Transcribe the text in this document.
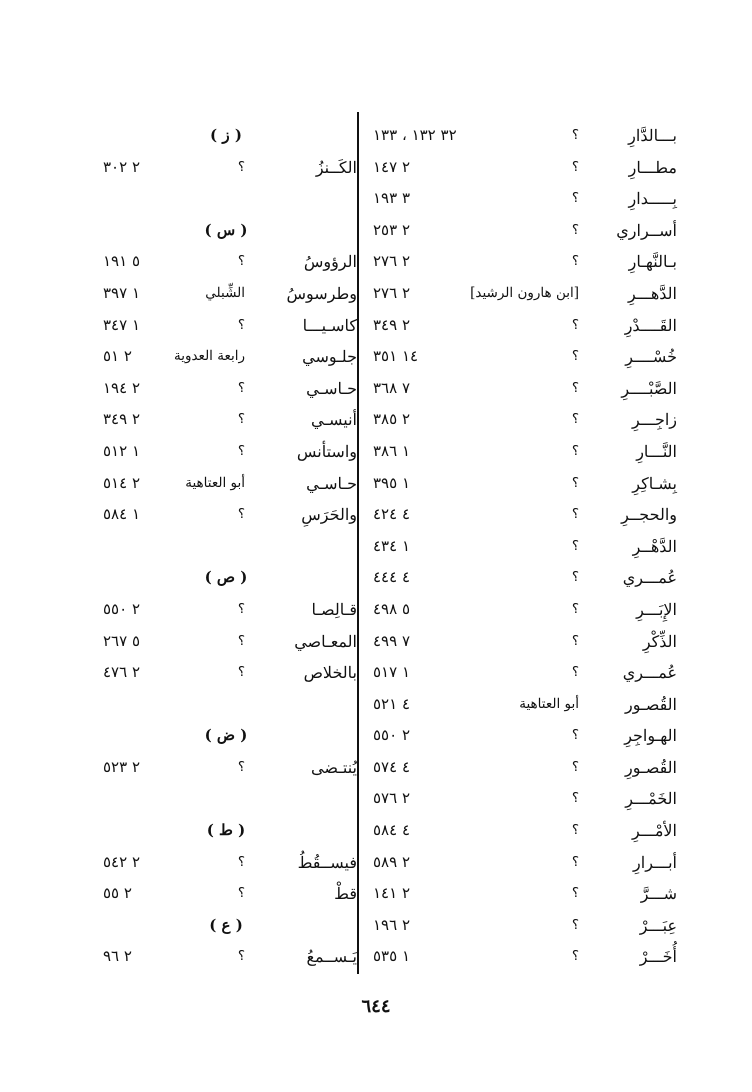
بـــالدَّارِ
؟
٣٢ ١٣٢ ، ١٣٣
مطـــارِ
؟
٢ ١٤٧
بِـــــدارِ
؟
٣ ١٩٣
أســراري
؟
٢ ٢٥٣
بـالنَّهـارِ
؟
٢ ٢٧٦
الدَّهـــرِ
[ابن هارون الرشيد]
٢ ٢٧٦
القَــــدْرِ
؟
٢ ٣٤٩
خُسْــــرِ
؟
١٤ ٣٥١
الصَّبْــــرِ
؟
٧ ٣٦٨
زاجِـــرِ
؟
٢ ٣٨٥
النَّـــارِ
؟
١ ٣٨٦
بِشـاكِرِ
؟
١ ٣٩٥
والحجــرِ
؟
٤ ٤٢٤
الدَّهْــرِ
؟
١ ٤٣٤
عُمـــري
؟
٤ ٤٤٤
الإِبَـــرِ
؟
٥ ٤٩٨
الذِّكْرِ
؟
٧ ٤٩٩
عُمـــري
؟
١ ٥١٧
القُصـور
أبو العتاهية
٤ ٥٢١
الهـواجِرِ
؟
٢ ٥٥٠
القُصـورِ
؟
٤ ٥٧٤
الخَمْـــرِ
؟
٢ ٥٧٦
الأمْـــرِ
؟
٤ ٥٨٤
أبـــرارِ
؟
٢ ٥٨٩
شـــرَّ
؟
٢ ١٤١
عِبَـــرْ
؟
٢ ١٩٦
أُخَـــرْ
؟
١ ٥٣٥
( ز )
الكَــنزُ
؟
٢ ٣٠٢
( س )
الرؤوسُ
؟
٥ ١٩١
وطرسوسُ
الشِّبلي
١ ٣٩٧
كاسـيـــا
؟
١ ٣٤٧
جلـوسي
رابعة العدوية
٢ ٥١
حـاسـي
؟
٢ ١٩٤
أنيسـي
؟
٢ ٣٤٩
واستأنس
؟
١ ٥١٢
حـاسـي
أبو العتاهية
٢ ٥١٤
والحَرَسِ
؟
١ ٥٨٤
( ص )
قـالِصـا
؟
٢ ٥٥٠
المعـاصي
؟
٥ ٢٦٧
بالخلاص
؟
٢ ٤٧٦
( ض )
يُنتـضى
؟
٢ ٥٢٣
( ط )
فيســقُطُ
؟
٢ ٥٤٢
قطْ
؟
٢ ٥٥
( ع )
يَـســمعُ
؟
٢ ٩٦
٦٤٤
